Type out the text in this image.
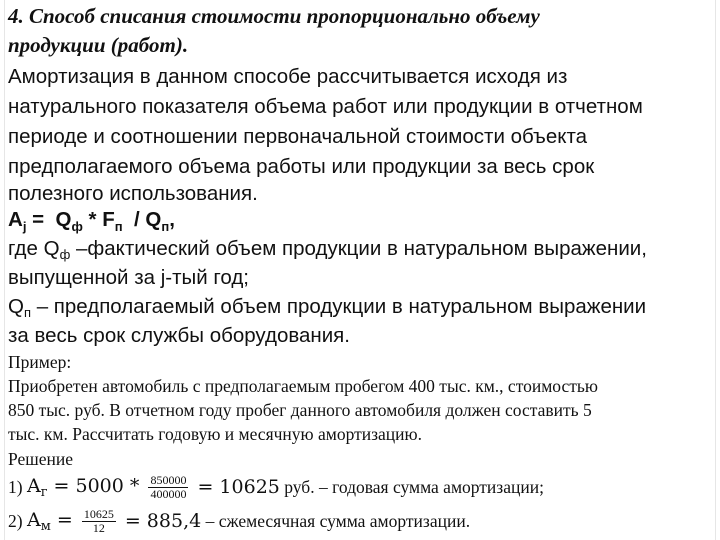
4. Способ списания стоимости пропорционально объему
продукции (работ).
Амортизация в данном способе рассчитывается исходя из
натурального показателя объема работ или продукции в отчетном
периоде и соотношении первоначальной стоимости объекта
предполагаемого объема работы или продукции за весь срок
полезного использования.
$A_j = Q_ф * F_п / Q_п$,
где Qф –фактический объем продукции в натуральном выражении,
выпущенной за j-тый год;
Qп – предполагаемый объем продукции в натуральном выражении
за весь срок службы оборудования.
Пример:
Приобретен автомобиль с предполагаемым пробегом 400 тыс. км., стоимостью
850 тыс. руб. В отчетном году пробег данного автомобиля должен составить 5
тыс. км. Рассчитать годовую и месячную амортизацию.
Решение
1) $A_г = 5000 * \frac{850000}{400000} = 10625$ руб. – годовая сумма амортизации;
2) $A_м = \frac{10625}{12} = 885,4$ – сжемесячная сумма амортизации.
